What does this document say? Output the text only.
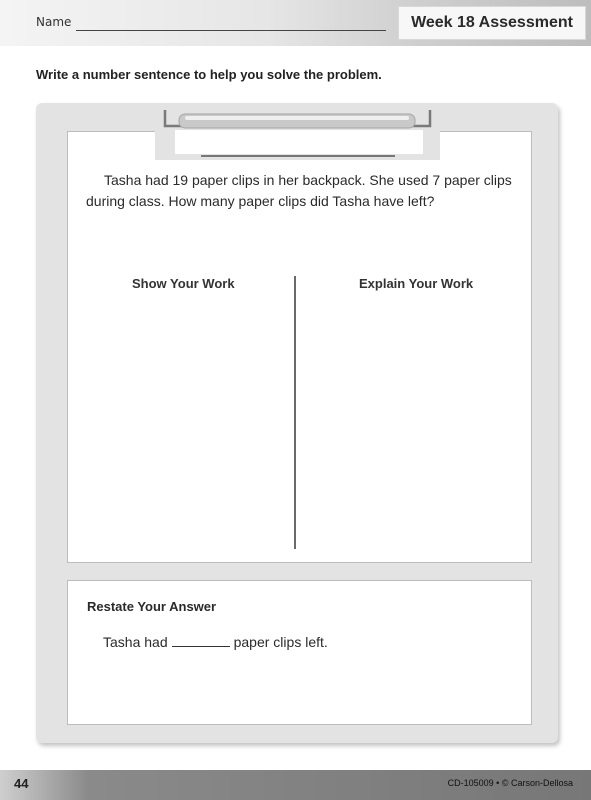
Name	Week 18 Assessment
Write a number sentence to help you solve the problem.
Tasha had 19 paper clips in her backpack. She used 7 paper clips during class. How many paper clips did Tasha have left?
Show Your Work	Explain Your Work
Restate Your Answer
Tasha had	paper clips left.
44	CD-105009 • © Carson-Dellosa
